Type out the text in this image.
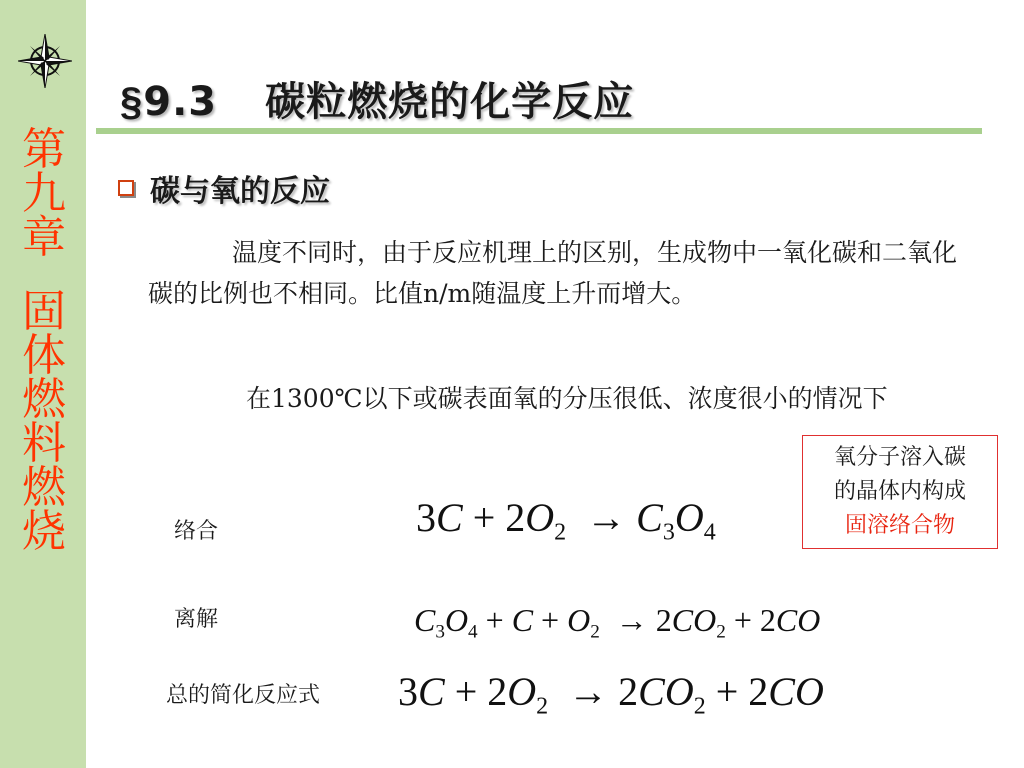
第
九
章
固
体
燃
料
燃
烧
§9.3 碳粒燃烧的化学反应
碳与氧的反应
温度不同时，由于反应机理上的区别，生成物中一氧化碳和二氧化碳的比例也不相同。比值n/m随温度上升而增大。
在1300℃以下或碳表面氧的分压很低、浓度很小的情况下
氧分子溶入碳
的晶体内构成
固溶络合物
络合	$3C + 2O_2 \to C_3O_4$
离解	$C_3O_4 + C + O_2 \to 2CO_2 + 2CO$
总的简化反应式 $3C + 2O_2 \to 2CO_2 + 2CO$
